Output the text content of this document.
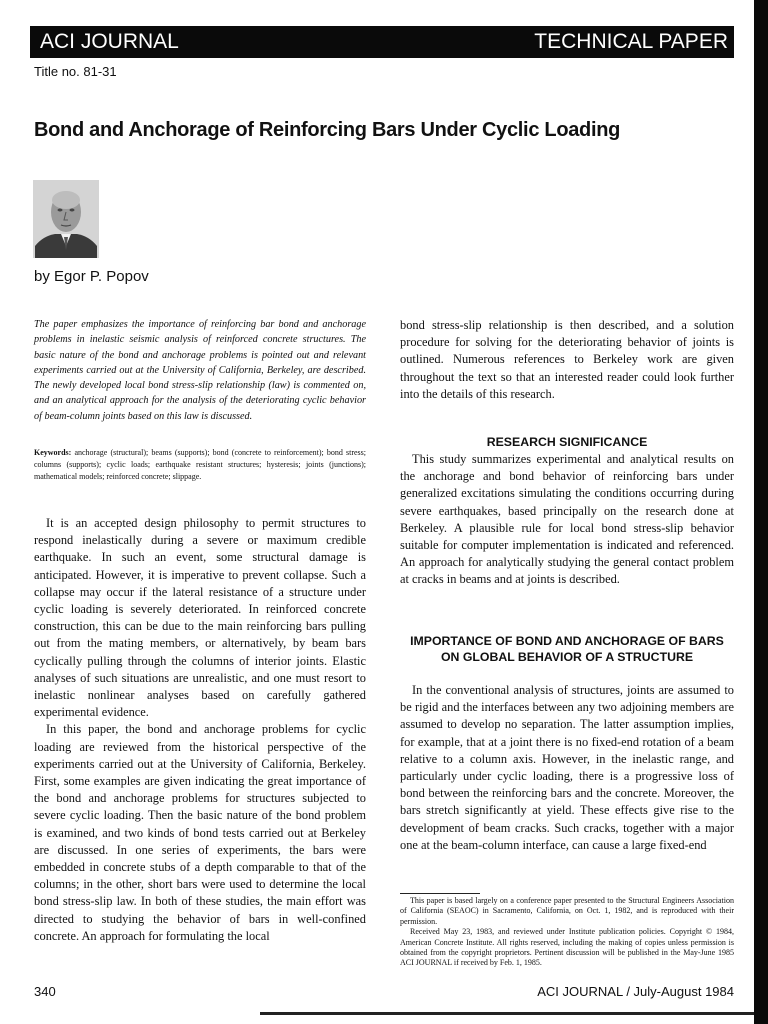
ACI JOURNAL	TECHNICAL PAPER
Title no. 81-31
Bond and Anchorage of Reinforcing Bars Under Cyclic Loading
by Egor P. Popov
The paper emphasizes the importance of reinforcing bar bond and anchorage problems in inelastic seismic analysis of reinforced concrete structures. The basic nature of the bond and anchorage problems is pointed out and relevant experiments carried out at the University of California, Berkeley, are described. The newly developed local bond stress-slip relationship (law) is commented on, and an analytical approach for the analysis of the deteriorating cyclic behavior of beam-column joints based on this law is discussed.
Keywords: anchorage (structural); beams (supports); bond (concrete to reinforcement); bond stress; columns (supports); cyclic loads; earthquake resistant structures; hysteresis; joints (junctions); mathematical models; reinforced concrete; slippage.

It is an accepted design philosophy to permit structures to respond inelastically during a severe or maximum credible earthquake. In such an event, some structural damage is anticipated. However, it is imperative to prevent collapse. Such a collapse may occur if the lateral resistance of a structure under cyclic loading is severely deteriorated. In reinforced concrete construction, this can be due to the main reinforcing bars pulling out from the mating members, or alternatively, by beam bars cyclically pulling through the columns of interior joints. Elastic analyses of such situations are unrealistic, and one must resort to inelastic nonlinear analyses based on carefully gathered experimental evidence.

In this paper, the bond and anchorage problems for cyclic loading are reviewed from the historical perspective of the experiments carried out at the University of California, Berkeley. First, some examples are given indicating the great importance of the bond and anchorage problems for structures subjected to severe cyclic loading. Then the basic nature of the bond problem is examined, and two kinds of bond tests carried out at Berkeley are discussed. In one series of experiments, the bars were embedded in concrete stubs of a depth comparable to that of the columns; in the other, short bars were used to determine the local bond stress-slip law. In both of these studies, the main effort was directed to studying the behavior of bars in well-confined concrete. An approach for formulating the local

bond stress-slip relationship is then described, and a solution procedure for solving for the deteriorating behavior of joints is outlined. Numerous references to Berkeley work are given throughout the text so that an interested reader could look further into the details of this research.

RESEARCH SIGNIFICANCE

This study summarizes experimental and analytical results on the anchorage and bond behavior of reinforcing bars under generalized excitations simulating the conditions occurring during severe earthquakes, based principally on the research done at Berkeley. A plausible rule for local bond stress-slip behavior suitable for computer implementation is indicated and referenced. An approach for analytically studying the general contact problem at cracks in beams and at joints is described.

IMPORTANCE OF BOND AND ANCHORAGE OF BARS ON GLOBAL BEHAVIOR OF A STRUCTURE

In the conventional analysis of structures, joints are assumed to be rigid and the interfaces between any two adjoining members are assumed to develop no separation. The latter assumption implies, for example, that at a joint there is no fixed-end rotation of a beam relative to a column axis. However, in the inelastic range, and particularly under cyclic loading, there is a progressive loss of bond between the reinforcing bars and the concrete. Moreover, the bars stretch significantly at yield. These effects give rise to the development of beam cracks. Such cracks, together with a major one at the beam-column interface, can cause a large fixed-end

This paper is based largely on a conference paper presented to the Structural Engineers Association of California (SEAOC) in Sacramento, California, on Oct. 1, 1982, and is reproduced with their permission.

Received May 23, 1983, and reviewed under Institute publication policies. Copyright © 1984, American Concrete Institute. All rights reserved, including the making of copies unless permission is obtained from the copyright proprietors. Pertinent discussion will be published in the May-June 1985 ACI JOURNAL if received by Feb. 1, 1985.

340	ACI JOURNAL / July-August 1984
